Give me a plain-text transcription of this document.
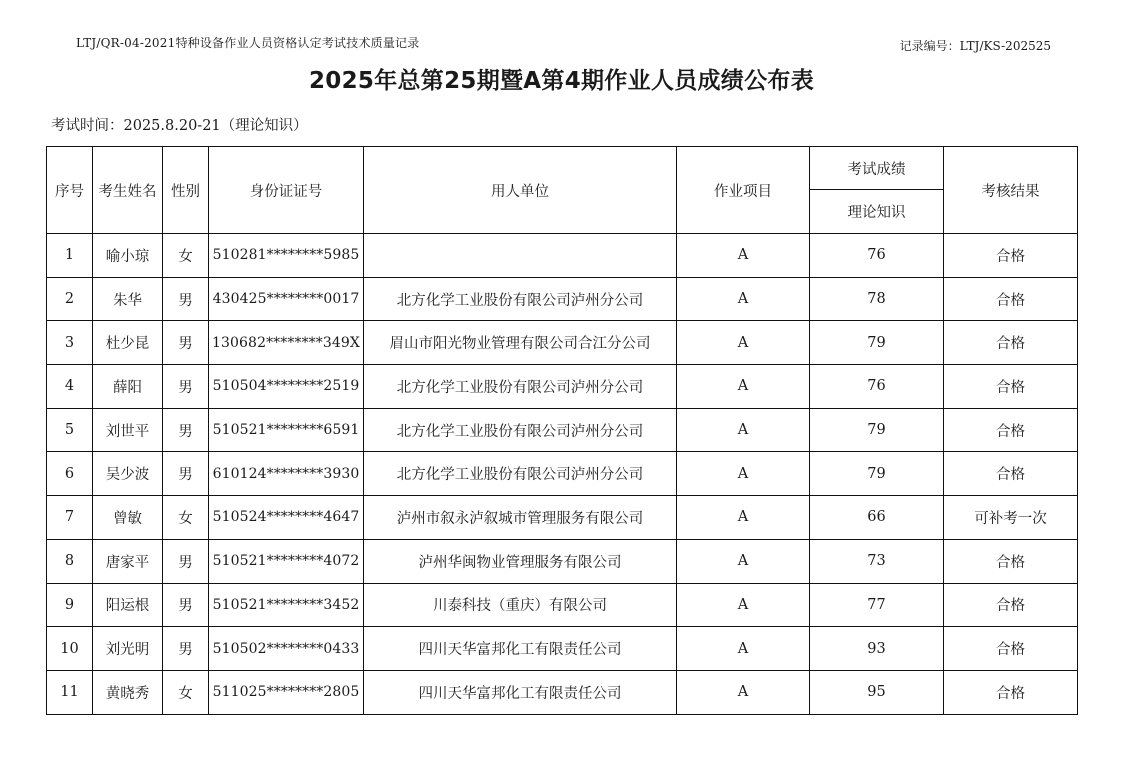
LTJ/QR-04-2021特种设备作业人员资格认定考试技术质量记录	记录编号：LTJ/KS-202525
2025年总第25期暨A第4期作业人员成绩公布表
考试时间：2025.8.20-21（理论知识）
序号	考生姓名	性别	身份证证号	用人单位	作业项目	考试成绩	考核结果
						理论知识	
1	喻小琼	女	510281********5985		A	76	合格
2	朱华	男	430425********0017	北方化学工业股份有限公司泸州分公司	A	78	合格
3	杜少昆	男	130682********349X	眉山市阳光物业管理有限公司合江分公司	A	79	合格
4	薛阳	男	510504********2519	北方化学工业股份有限公司泸州分公司	A	76	合格
5	刘世平	男	510521********6591	北方化学工业股份有限公司泸州分公司	A	79	合格
6	吴少波	男	610124********3930	北方化学工业股份有限公司泸州分公司	A	79	合格
7	曾敏	女	510524********4647	泸州市叙永泸叙城市管理服务有限公司	A	66	可补考一次
8	唐家平	男	510521********4072	泸州华闽物业管理服务有限公司	A	73	合格
9	阳运根	男	510521********3452	川泰科技（重庆）有限公司	A	77	合格
10	刘光明	男	510502********0433	四川天华富邦化工有限责任公司	A	93	合格
11	黄晓秀	女	511025********2805	四川天华富邦化工有限责任公司	A	95	合格
